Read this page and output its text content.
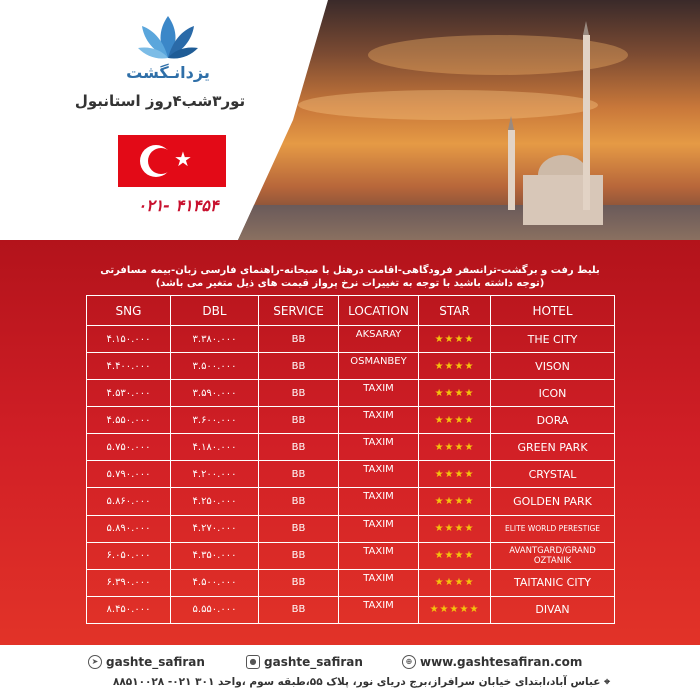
یزدانـگشت
تور۳شب۴روز استانبول
★
۰۲۱- ۴۱۴۵۴
بلیط رفت و برگشت-ترانسفر فرودگاهی-اقامت درهتل با صبحانه-راهنمای فارسی زبان-بیمه مسافرتی
(توجه داشته باشید با توجه به تغییرات نرخ پرواز قیمت های ذیل متغیر می باشد)
SNG	DBL	SERVICE	LOCATION	STAR	HOTEL
۴.۱۵۰.۰۰۰	۳.۳۸۰.۰۰۰	BB	AKSARAY	★★★★	THE CITY
۴.۴۰۰.۰۰۰	۳.۵۰۰.۰۰۰	BB	OSMANBEY	★★★★	VISON
۴.۵۳۰.۰۰۰	۳.۵۹۰.۰۰۰	BB	TAXIM	★★★★	ICON
۴.۵۵۰.۰۰۰	۳.۶۰۰.۰۰۰	BB	TAXIM	★★★★	DORA
۵.۷۵۰.۰۰۰	۴.۱۸۰.۰۰۰	BB	TAXIM	★★★★	GREEN PARK
۵.۷۹۰.۰۰۰	۴.۲۰۰.۰۰۰	BB	TAXIM	★★★★	CRYSTAL
۵.۸۶۰.۰۰۰	۴.۲۵۰.۰۰۰	BB	TAXIM	★★★★	GOLDEN PARK
۵.۸۹۰.۰۰۰	۴.۲۷۰.۰۰۰	BB	TAXIM	★★★★	ELITE WORLD PERESTIGE
۶.۰۵۰.۰۰۰	۴.۳۵۰.۰۰۰	BB	TAXIM	★★★★	AVANTGARD/GRAND OZTANIK
۶.۳۹۰.۰۰۰	۴.۵۰۰.۰۰۰	BB	TAXIM	★★★★	TAITANIC CITY
۸.۴۵۰.۰۰۰	۵.۵۵۰.۰۰۰	BB	TAXIM	★★★★★	DIVAN
➤ gashte_safiran	● gashte_safiran	⊕ www.gashtesafiran.com
⌖ عباس آباد،ابتدای خیابان سرافراز،برج دریای نور، پلاک ۵۵،طبقه سوم ،واحد ۳۰۱ ۰۲۱- ۸۸۵۱۰۰۲۸
